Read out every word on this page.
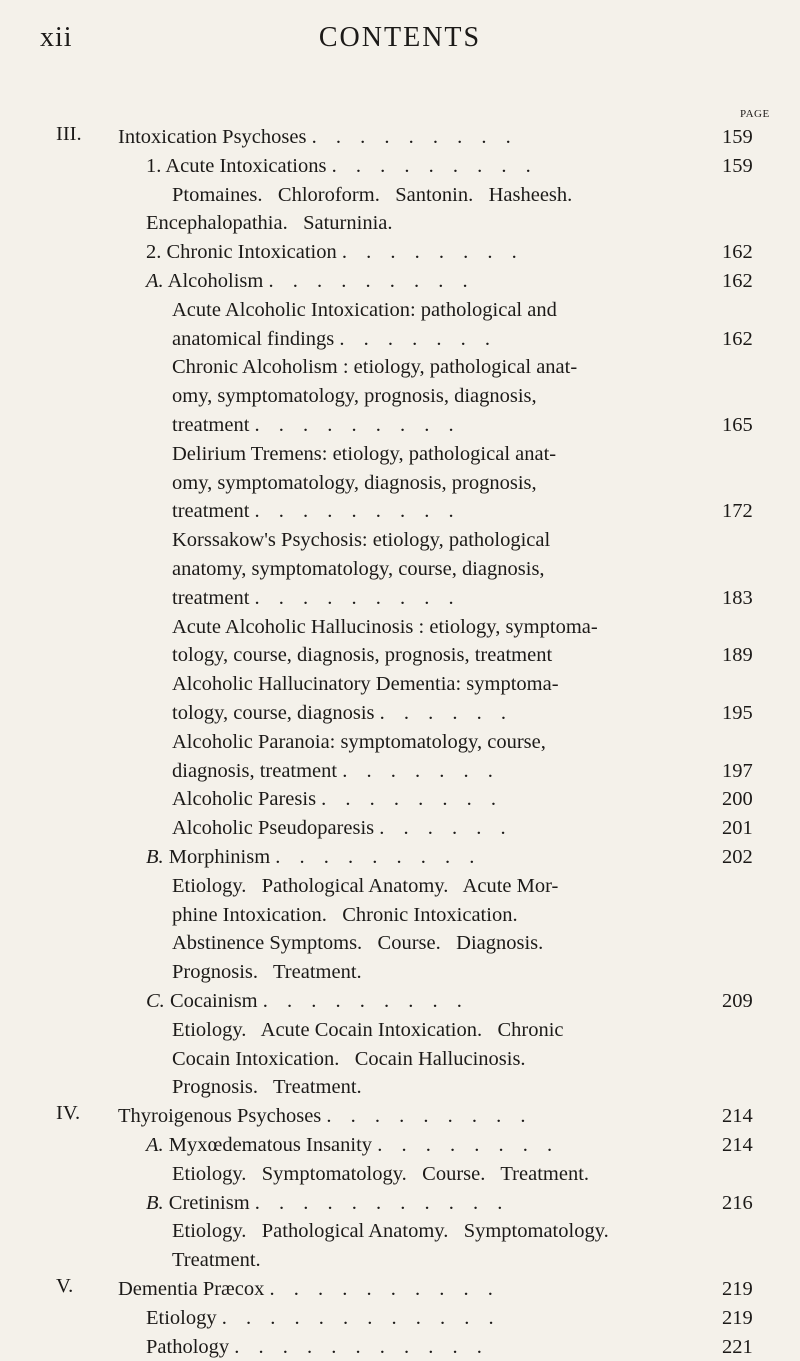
xii	CONTENTS
PAGE
III. Intoxication Psychoses . . . . . . . . .	159
1. Acute Intoxications . . . . . . . . .	159
Ptomaines.   Chloroform.   Santonin.   Hasheesh.
Encephalopathia.   Saturninia.
2. Chronic Intoxication . . . . . . . .	162
A. Alcoholism . . . . . . . . .	162
Acute Alcoholic Intoxication: pathological and
anatomical findings . . . . . . .	162
Chronic Alcoholism : etiology, pathological anat-
omy, symptomatology, prognosis, diagnosis,
treatment . . . . . . . . .	165
Delirium Tremens: etiology, pathological anat-
omy, symptomatology, diagnosis, prognosis,
treatment . . . . . . . . .	172
Korssakow's Psychosis: etiology, pathological
anatomy, symptomatology, course, diagnosis,
treatment . . . . . . . . .	183
Acute Alcoholic Hallucinosis : etiology, symptoma-
tology, course, diagnosis, prognosis, treatment	189
Alcoholic Hallucinatory Dementia: symptoma-
tology, course, diagnosis . . . . . .	195
Alcoholic Paranoia: symptomatology, course,
diagnosis, treatment . . . . . . .	197
Alcoholic Paresis . . . . . . . .	200
Alcoholic Pseudoparesis . . . . . .	201
B. Morphinism . . . . . . . . .	202
Etiology.   Pathological Anatomy.   Acute Mor-
phine Intoxication.   Chronic Intoxication.
Abstinence Symptoms.   Course.   Diagnosis.
Prognosis.   Treatment.
C. Cocainism . . . . . . . . .	209
Etiology.   Acute Cocain Intoxication.   Chronic
Cocain Intoxication.   Cocain Hallucinosis.
Prognosis.   Treatment.
IV. Thyroigenous Psychoses . . . . . . . . .	214
A. Myxœdematous Insanity . . . . . . . .	214
Etiology.   Symptomatology.   Course.   Treatment.
B. Cretinism . . . . . . . . . . .	216
Etiology.   Pathological Anatomy.   Symptomatology.
Treatment.
V. Dementia Præcox . . . . . . . . . .	219
Etiology . . . . . . . . . . . .	219
Pathology . . . . . . . . . . .	221
